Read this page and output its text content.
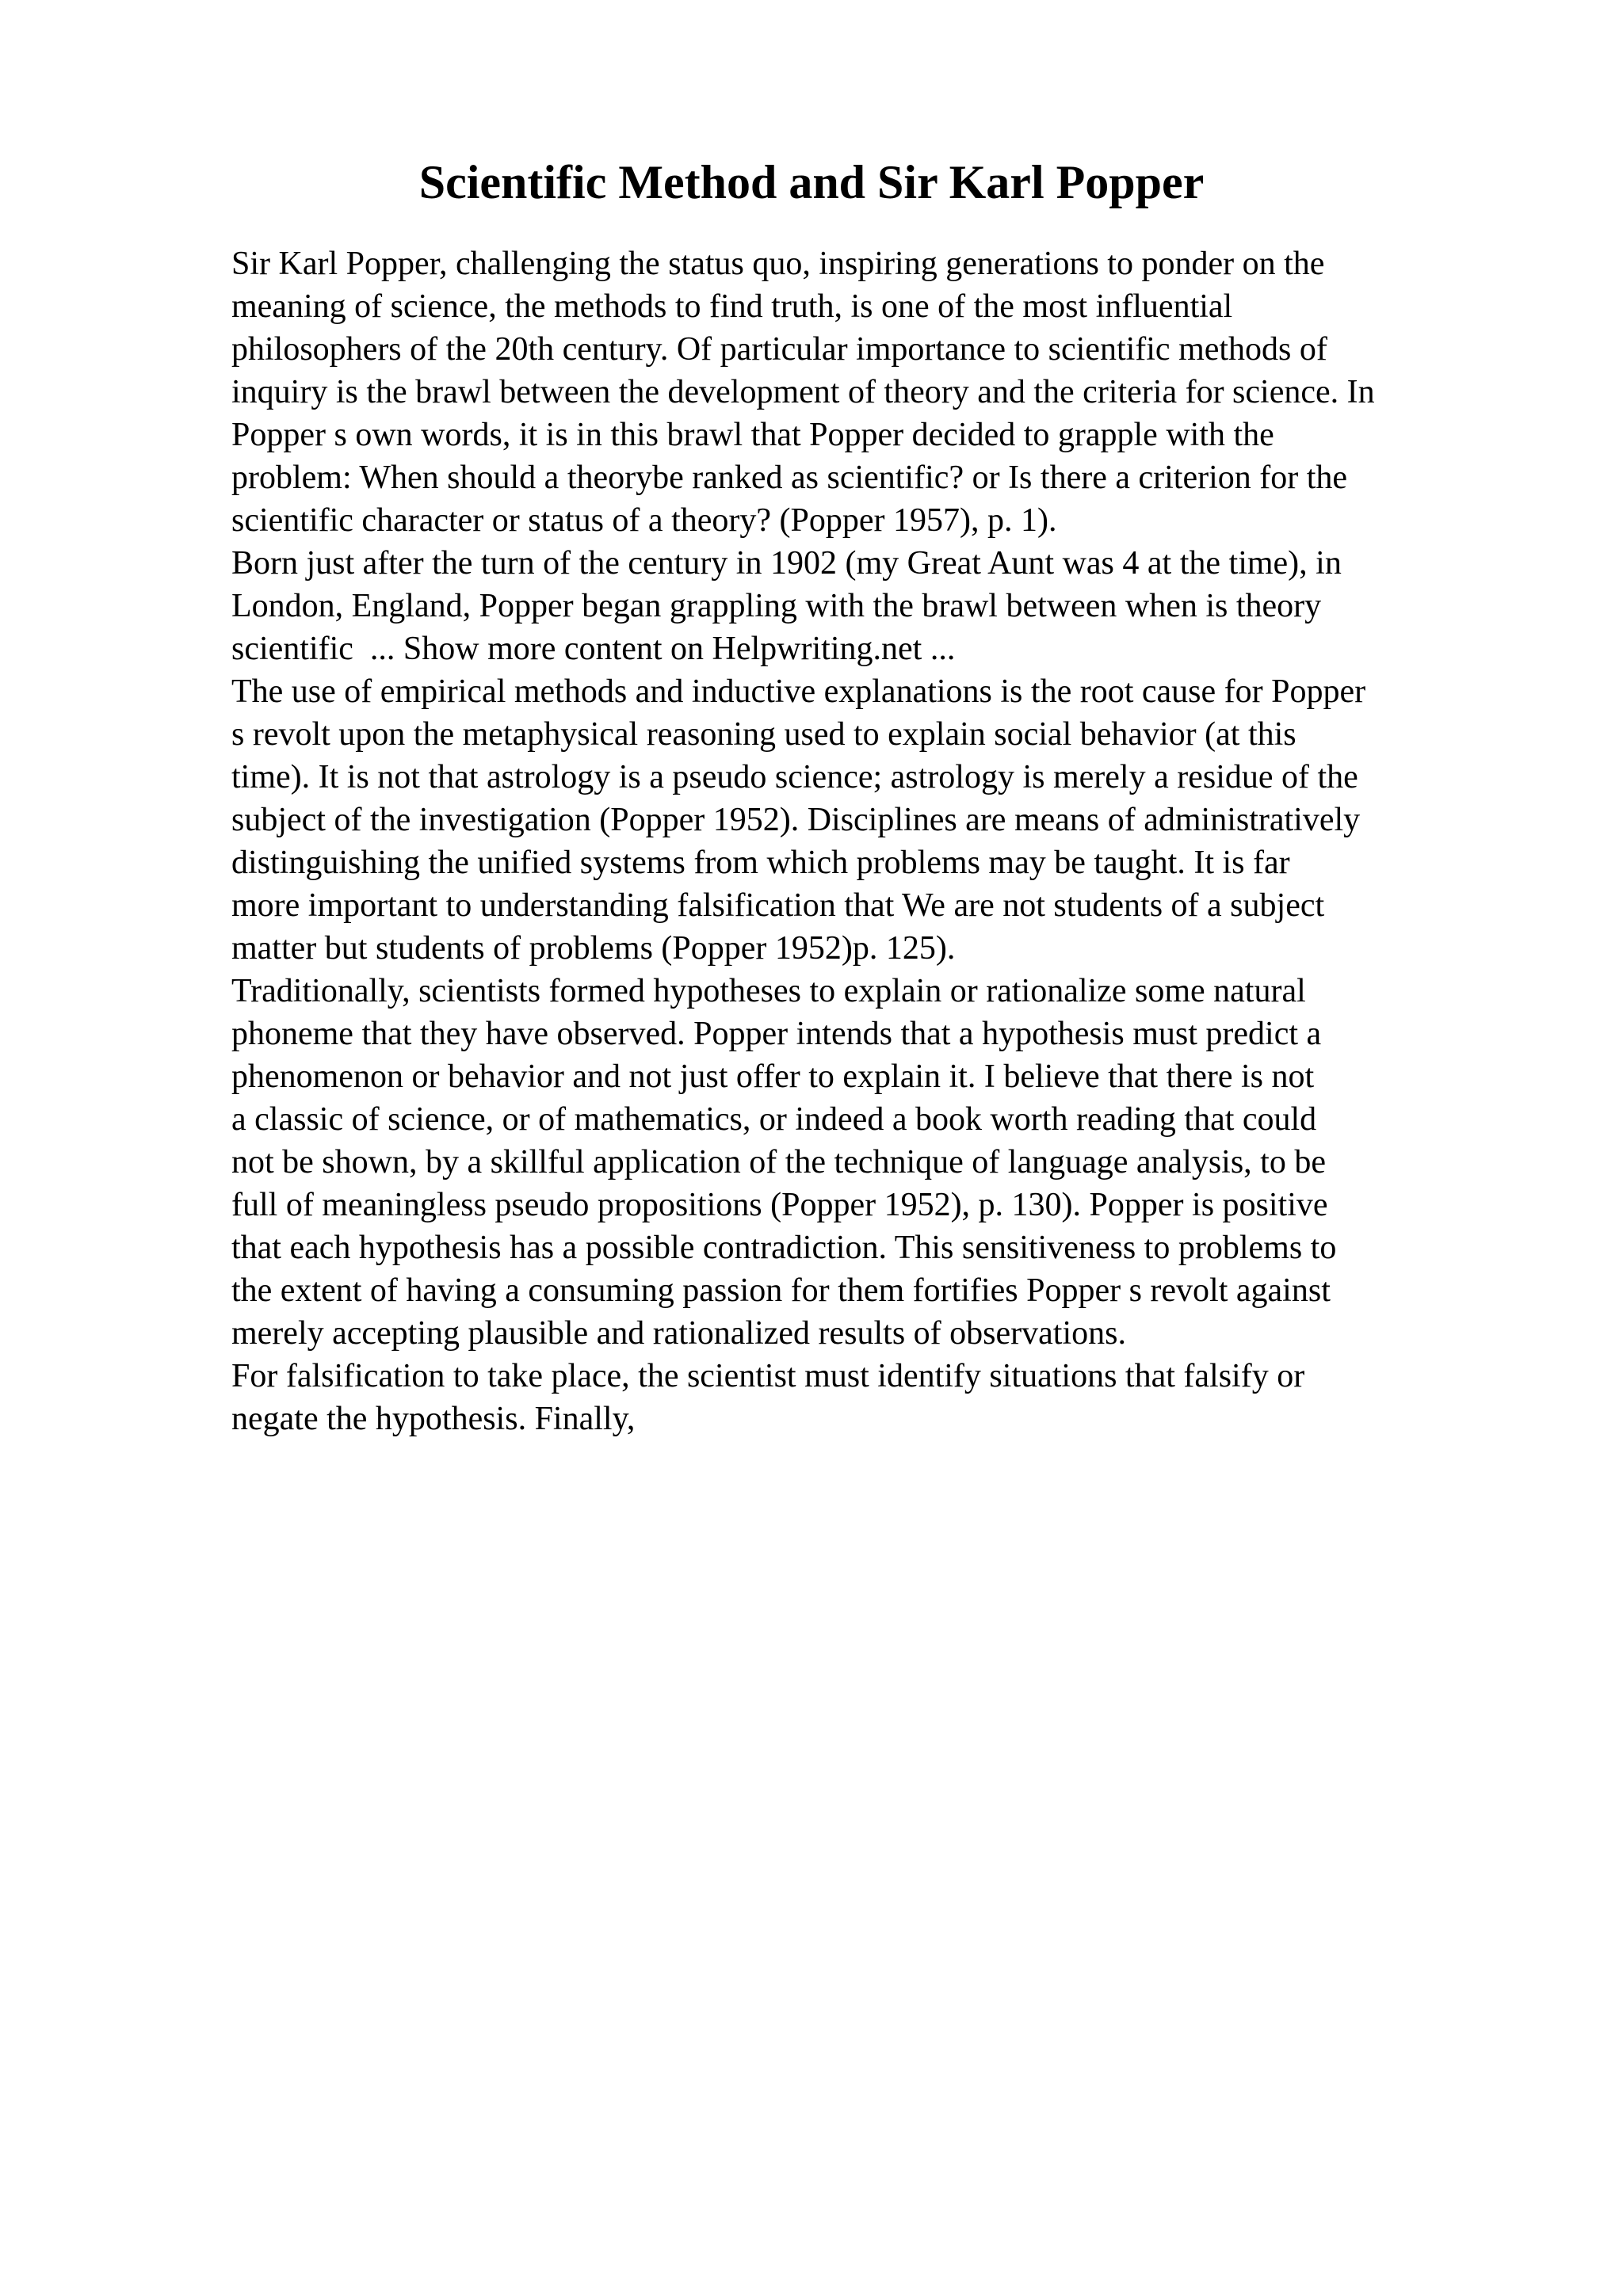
Scientific Method and Sir Karl Popper
Sir Karl Popper, challenging the status quo, inspiring generations to ponder on the
meaning of science, the methods to find truth, is one of the most influential
philosophers of the 20th century. Of particular importance to scientific methods of
inquiry is the brawl between the development of theory and the criteria for science. In
Popper s own words, it is in this brawl that Popper decided to grapple with the
problem: When should a theorybe ranked as scientific? or Is there a criterion for the
scientific character or status of a theory? (Popper 1957), p. 1).
Born just after the turn of the century in 1902 (my Great Aunt was 4 at the time), in
London, England, Popper began grappling with the brawl between when is theory
scientific  ... Show more content on Helpwriting.net ...
The use of empirical methods and inductive explanations is the root cause for Popper
s revolt upon the metaphysical reasoning used to explain social behavior (at this
time). It is not that astrology is a pseudo science; astrology is merely a residue of the
subject of the investigation (Popper 1952). Disciplines are means of administratively
distinguishing the unified systems from which problems may be taught. It is far
more important to understanding falsification that We are not students of a subject
matter but students of problems (Popper 1952)p. 125).
Traditionally, scientists formed hypotheses to explain or rationalize some natural
phoneme that they have observed. Popper intends that a hypothesis must predict a
phenomenon or behavior and not just offer to explain it. I believe that there is not
a classic of science, or of mathematics, or indeed a book worth reading that could
not be shown, by a skillful application of the technique of language analysis, to be
full of meaningless pseudo propositions (Popper 1952), p. 130). Popper is positive
that each hypothesis has a possible contradiction. This sensitiveness to problems to
the extent of having a consuming passion for them fortifies Popper s revolt against
merely accepting plausible and rationalized results of observations.
For falsification to take place, the scientist must identify situations that falsify or
negate the hypothesis. Finally,
